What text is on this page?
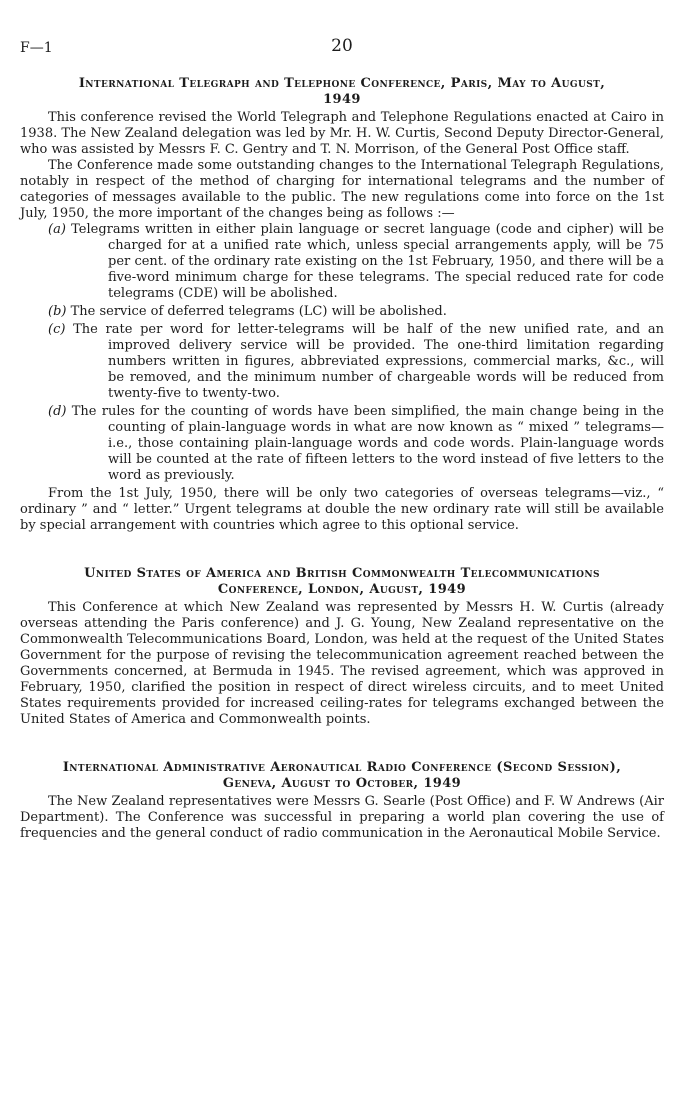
F—1	20
International Telegraph and Telephone Conference, Paris, May to August,
1949

This conference revised the World Telegraph and Telephone Regulations enacted at Cairo in 1938. The New Zealand delegation was led by Mr. H. W. Curtis, Second Deputy Director-General, who was assisted by Messrs F. C. Gentry and T. N. Morrison, of the General Post Office staff.

The Conference made some outstanding changes to the International Telegraph Regulations, notably in respect of the method of charging for international telegrams and the number of categories of messages available to the public. The new regulations come into force on the 1st July, 1950, the more important of the changes being as follows :—

(a) Telegrams written in either plain language or secret language (code and cipher) will be charged for at a unified rate which, unless special arrangements apply, will be 75 per cent. of the ordinary rate existing on the 1st February, 1950, and there will be a five-word minimum charge for these telegrams. The special reduced rate for code telegrams (CDE) will be abolished.
(b) The service of deferred telegrams (LC) will be abolished.
(c) The rate per word for letter-telegrams will be half of the new unified rate, and an improved delivery service will be provided. The one-third limitation regarding numbers written in figures, abbreviated expressions, commercial marks, &c., will be removed, and the minimum number of chargeable words will be reduced from twenty-five to twenty-two.
(d) The rules for the counting of words have been simplified, the main change being in the counting of plain-language words in what are now known as “ mixed ” telegrams—i.e., those containing plain-language words and code words. Plain-language words will be counted at the rate of fifteen letters to the word instead of five letters to the word as previously.

From the 1st July, 1950, there will be only two categories of overseas telegrams—viz., “ ordinary ” and “ letter.” Urgent telegrams at double the new ordinary rate will still be available by special arrangement with countries which agree to this optional service.

United States of America and British Commonwealth Telecommunications
Conference, London, August, 1949

This Conference at which New Zealand was represented by Messrs H. W. Curtis (already overseas attending the Paris conference) and J. G. Young, New Zealand representative on the Commonwealth Telecommunications Board, London, was held at the request of the United States Government for the purpose of revising the telecommunication agreement reached between the Governments concerned, at Bermuda in 1945. The revised agreement, which was approved in February, 1950, clarified the position in respect of direct wireless circuits, and to meet United States requirements provided for increased ceiling-rates for telegrams exchanged between the United States of America and Commonwealth points.

International Administrative Aeronautical Radio Conference (Second Session),
Geneva, August to October, 1949

The New Zealand representatives were Messrs G. Searle (Post Office) and F. W Andrews (Air Department). The Conference was successful in preparing a world plan covering the use of frequencies and the general conduct of radio communication in the Aeronautical Mobile Service.
